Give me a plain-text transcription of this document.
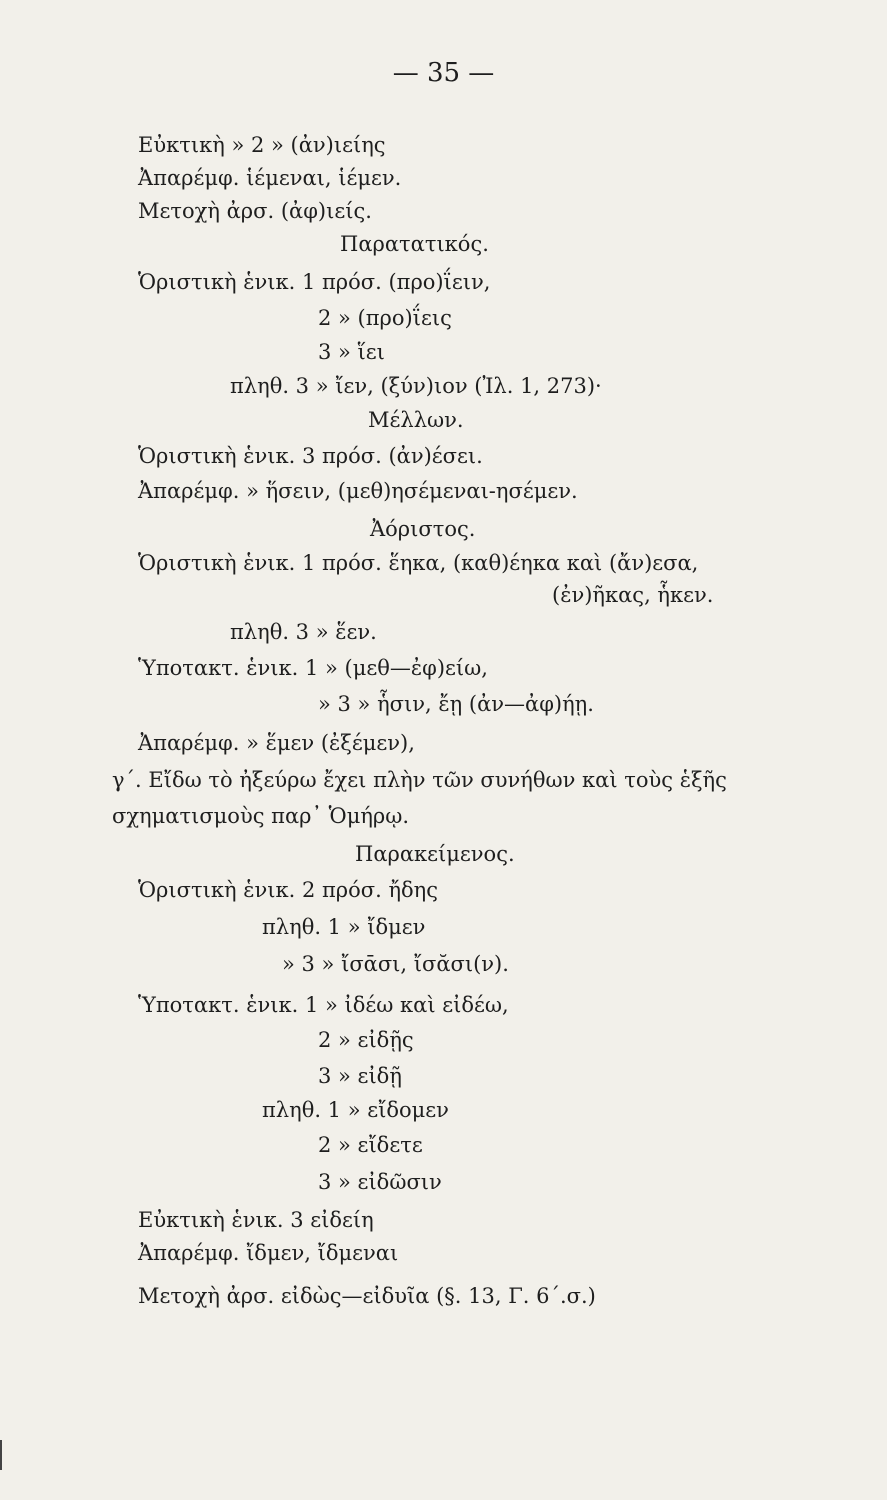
— 35 —
Εὐκτικὴ » 2 » (ἀν)ιείης
Ἀπαρέμφ. ἱέμεναι, ἱέμεν.
Μετοχὴ ἀρσ. (ἀφ)ιείς.
Παρατατικός.
Ὁριστικὴ ἑνικ. 1 πρόσ. (προ)ΐειν,
2 » (προ)ΐεις
3 » ἵει
πληθ. 3 » ἴεν, (ξύν)ιον (Ἰλ. 1, 273)·
Μέλλων.
Ὁριστικὴ ἑνικ. 3 πρόσ. (ἀν)έσει.
Ἀπαρέμφ. » ἥσειν, (μεθ)ησέμεναι-ησέμεν.
Ἀόριστος.
Ὁριστικὴ ἑνικ. 1 πρόσ. ἕηκα, (καθ)έηκα καὶ (ἄν)εσα,
(ἐν)ῆκας, ἧκεν.
πληθ. 3 » ἕεν.
Ὑποτακτ. ἑνικ. 1 » (μεθ—ἐφ)είω,
» 3 » ἧσιν, ἔῃ (ἀν—ἀφ)ήῃ.
Ἀπαρέμφ. » ἕμεν (ἐξέμεν),
γ΄. Εἴδω τὸ ἠξεύρω ἔχει πλὴν τῶν συνήθων καὶ τοὺς ἑξῆς
σχηματισμοὺς παρ᾽ Ὁμήρῳ.
Παρακείμενος.
Ὁριστικὴ ἑνικ. 2 πρόσ. ἤδης
πληθ. 1 » ἴδμεν
» 3 » ἴσᾱσι, ἴσᾰσι(ν).
Ὑποτακτ. ἑνικ. 1 » ἰδέω καὶ εἰδέω,
2 » εἰδῇς
3 » εἰδῇ
πληθ. 1 » εἴδομεν
2 » εἴδετε
3 » εἰδῶσιν
Εὐκτικὴ ἑνικ. 3 εἰδείη
Ἀπαρέμφ. ἴδμεν, ἴδμεναι
Μετοχὴ ἀρσ. εἰδὼς—εἰδυῖα (§. 13, Γ. 6΄.σ.)
